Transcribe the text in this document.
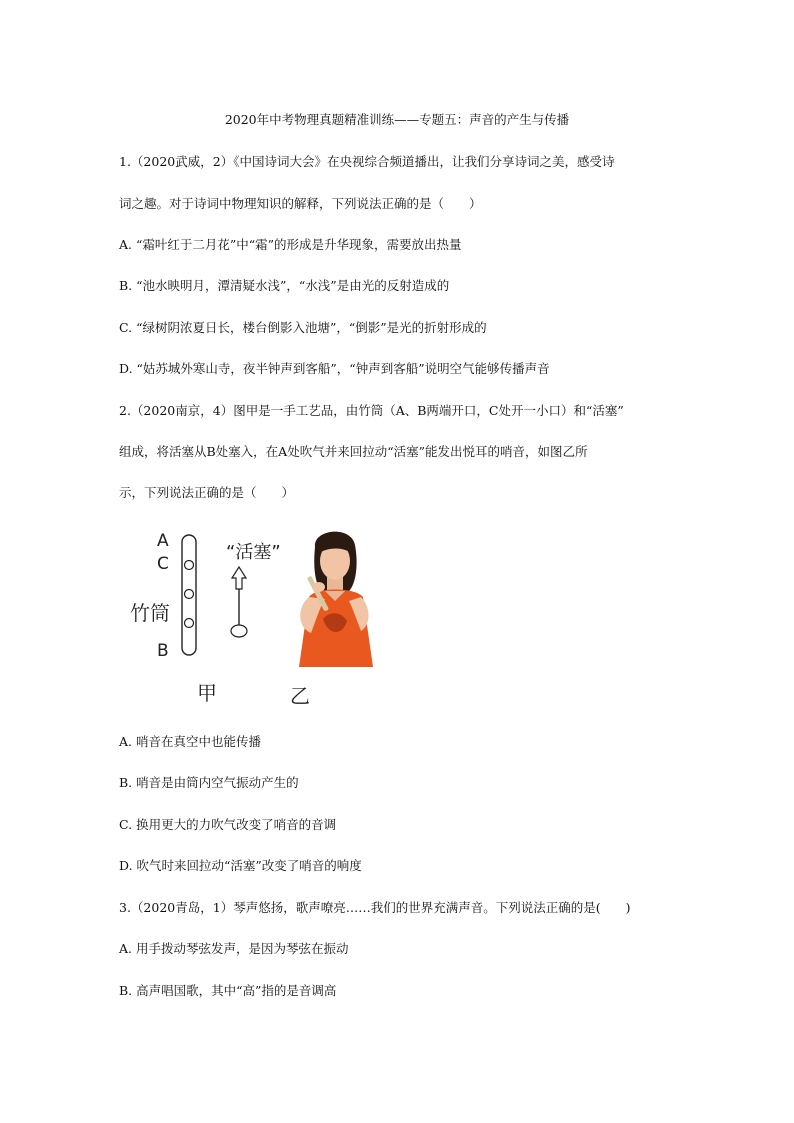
2020年中考物理真题精准训练——专题五：声音的产生与传播
1.（2020武威，2）《中国诗词大会》在央视综合频道播出，让我们分享诗词之美，感受诗
词之趣。对于诗词中物理知识的解释，下列说法正确的是（　　）
A. “霜叶红于二月花”中“霜”的形成是升华现象，需要放出热量
B. “池水映明月，潭清疑水浅”，“水浅”是由光的反射造成的
C. “绿树阴浓夏日长，楼台倒影入池塘”，“倒影”是光的折射形成的
D. “姑苏城外寒山寺，夜半钟声到客船”，“钟声到客船”说明空气能够传播声音
2.（2020南京，4）图甲是一手工艺品，由竹筒（A、B两端开口，C处开一小口）和“活塞”
组成，将活塞从B处塞入，在A处吹气并来回拉动“活塞”能发出悦耳的哨音，如图乙所
示，下列说法正确的是（　　）
A
C
竹筒
B
“活塞”
甲	乙
A. 哨音在真空中也能传播
B. 哨音是由筒内空气振动产生的
C. 换用更大的力吹气改变了哨音的音调
D. 吹气时来回拉动“活塞”改变了哨音的响度
3.（2020青岛，1）琴声悠扬，歌声嘹亮……我们的世界充满声音。下列说法正确的是(　　)
A. 用手拨动琴弦发声，是因为琴弦在振动
B. 高声唱国歌，其中“高”指的是音调高
